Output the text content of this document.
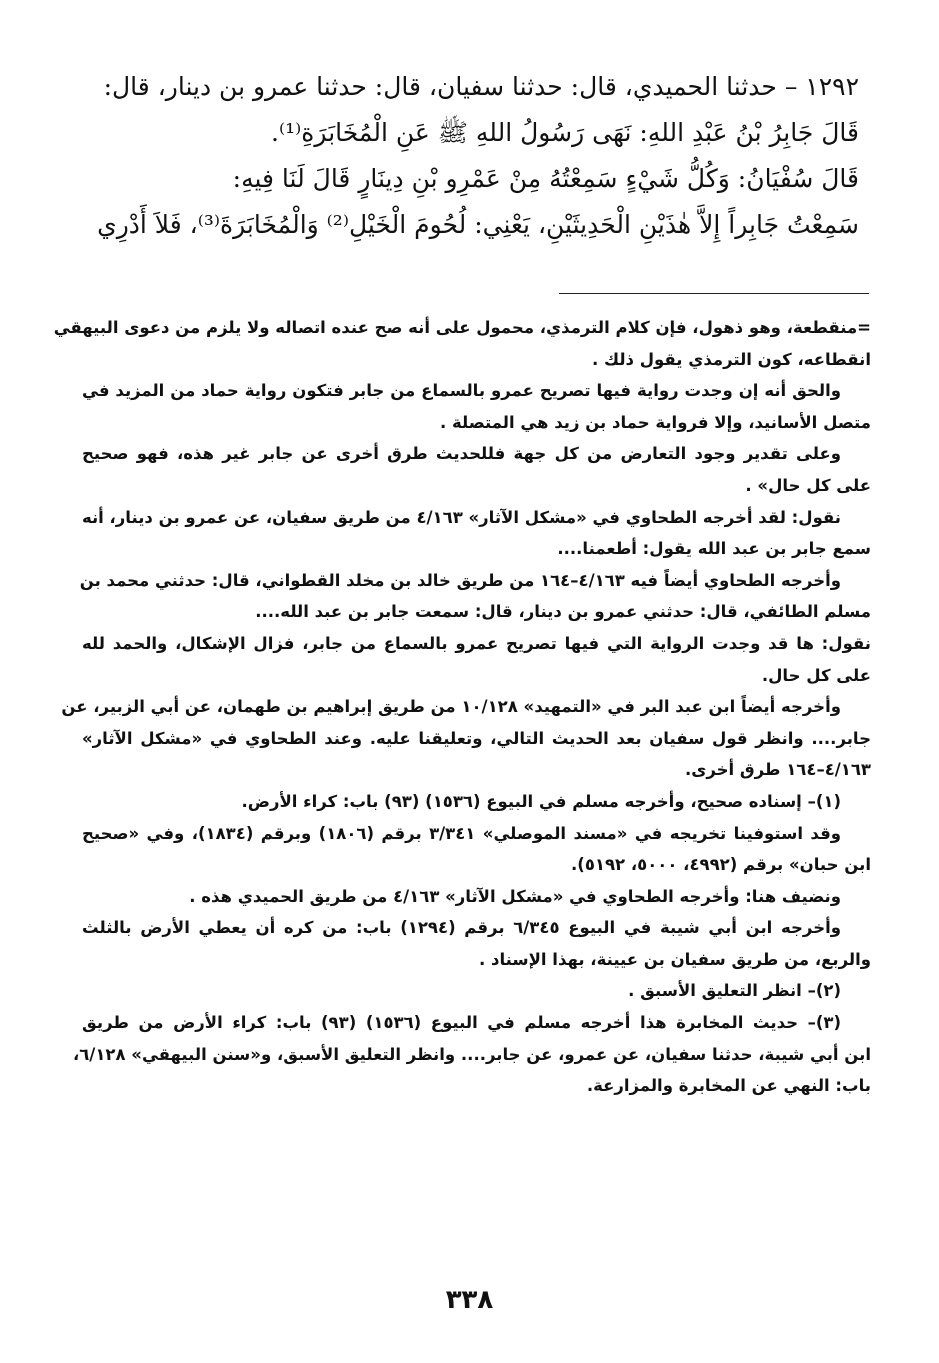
١٢٩٢ – حدثنا الحميدي، قال: حدثنا سفيان، قال: حدثنا عمرو بن دينار، قال:
قَالَ جَابِرُ بْنُ عَبْدِ اللهِ: نَهَى رَسُولُ اللهِ ﷺ عَنِ الْمُخَابَرَةِ⁽¹⁾.
قَالَ سُفْيَانُ: وَكُلُّ شَيْءٍ سَمِعْتُهُ مِنْ عَمْرِو بْنِ دِينَارٍ قَالَ لَنَا فِيهِ:
سَمِعْتُ جَابِراً إِلاَّ هٰذَيْنِ الْحَدِيثَيْنِ، يَعْنِي: لُحُومَ الْخَيْلِ⁽²⁾ وَالْمُخَابَرَةَ⁽³⁾، فَلاَ أَدْرِي
=منقطعة، وهو ذهول، فإن كلام الترمذي، محمول على أنه صح عنده اتصاله ولا يلزم من دعوى البيهقي
انقطاعه، كون الترمذي يقول ذلك .
والحق أنه إن وجدت رواية فيها تصريح عمرو بالسماع من جابر فتكون رواية حماد من المزيد في
متصل الأسانيد، وإلا فرواية حماد بن زيد هي المتصلة .
وعلى تقدير وجود التعارض من كل جهة فللحديث طرق أخرى عن جابر غير هذه، فهو صحيح
على كل حال» .
نقول: لقد أخرجه الطحاوي في «مشكل الآثار» ٤/١٦٣ من طريق سفيان، عن عمرو بن دينار، أنه
سمع جابر بن عبد الله يقول: أطعمنا....
وأخرجه الطحاوي أيضاً فيه ٤/١٦٣–١٦٤ من طريق خالد بن مخلد القطواني، قال: حدثني محمد بن
مسلم الطائفي، قال: حدثني عمرو بن دينار، قال: سمعت جابر بن عبد الله....
نقول: ها قد وجدت الرواية التي فيها تصريح عمرو بالسماع من جابر، فزال الإشكال، والحمد لله
على كل حال.
وأخرجه أيضاً ابن عبد البر في «التمهيد» ١٠/١٢٨ من طريق إبراهيم بن طهمان، عن أبي الزبير، عن
جابر.... وانظر قول سفيان بعد الحديث التالي، وتعليقنا عليه. وعند الطحاوي في «مشكل الآثار»
٤/١٦٣–١٦٤ طرق أخرى.
(١)– إسناده صحيح، وأخرجه مسلم في البيوع (١٥٣٦) (٩٣) باب: كراء الأرض.
وقد استوفينا تخريجه في «مسند الموصلي» ٣/٣٤١ برقم (١٨٠٦) وبرقم (١٨٣٤)، وفي «صحيح
ابن حبان» برقم (٤٩٩٢، ٥٠٠٠، ٥١٩٢).
ونضيف هنا: وأخرجه الطحاوي في «مشكل الآثار» ٤/١٦٣ من طريق الحميدي هذه .
وأخرجه ابن أبي شيبة في البيوع ٦/٣٤٥ برقم (١٢٩٤) باب: من كره أن يعطي الأرض بالثلث
والربع، من طريق سفيان بن عيينة، بهذا الإسناد .
(٢)– انظر التعليق الأسبق .
(٣)– حديث المخابرة هذا أخرجه مسلم في البيوع (١٥٣٦) (٩٣) باب: كراء الأرض من طريق
ابن أبي شيبة، حدثنا سفيان، عن عمرو، عن جابر.... وانظر التعليق الأسبق، و«سنن البيهقي» ٦/١٢٨،
باب: النهي عن المخابرة والمزارعة.
٣٣٨
